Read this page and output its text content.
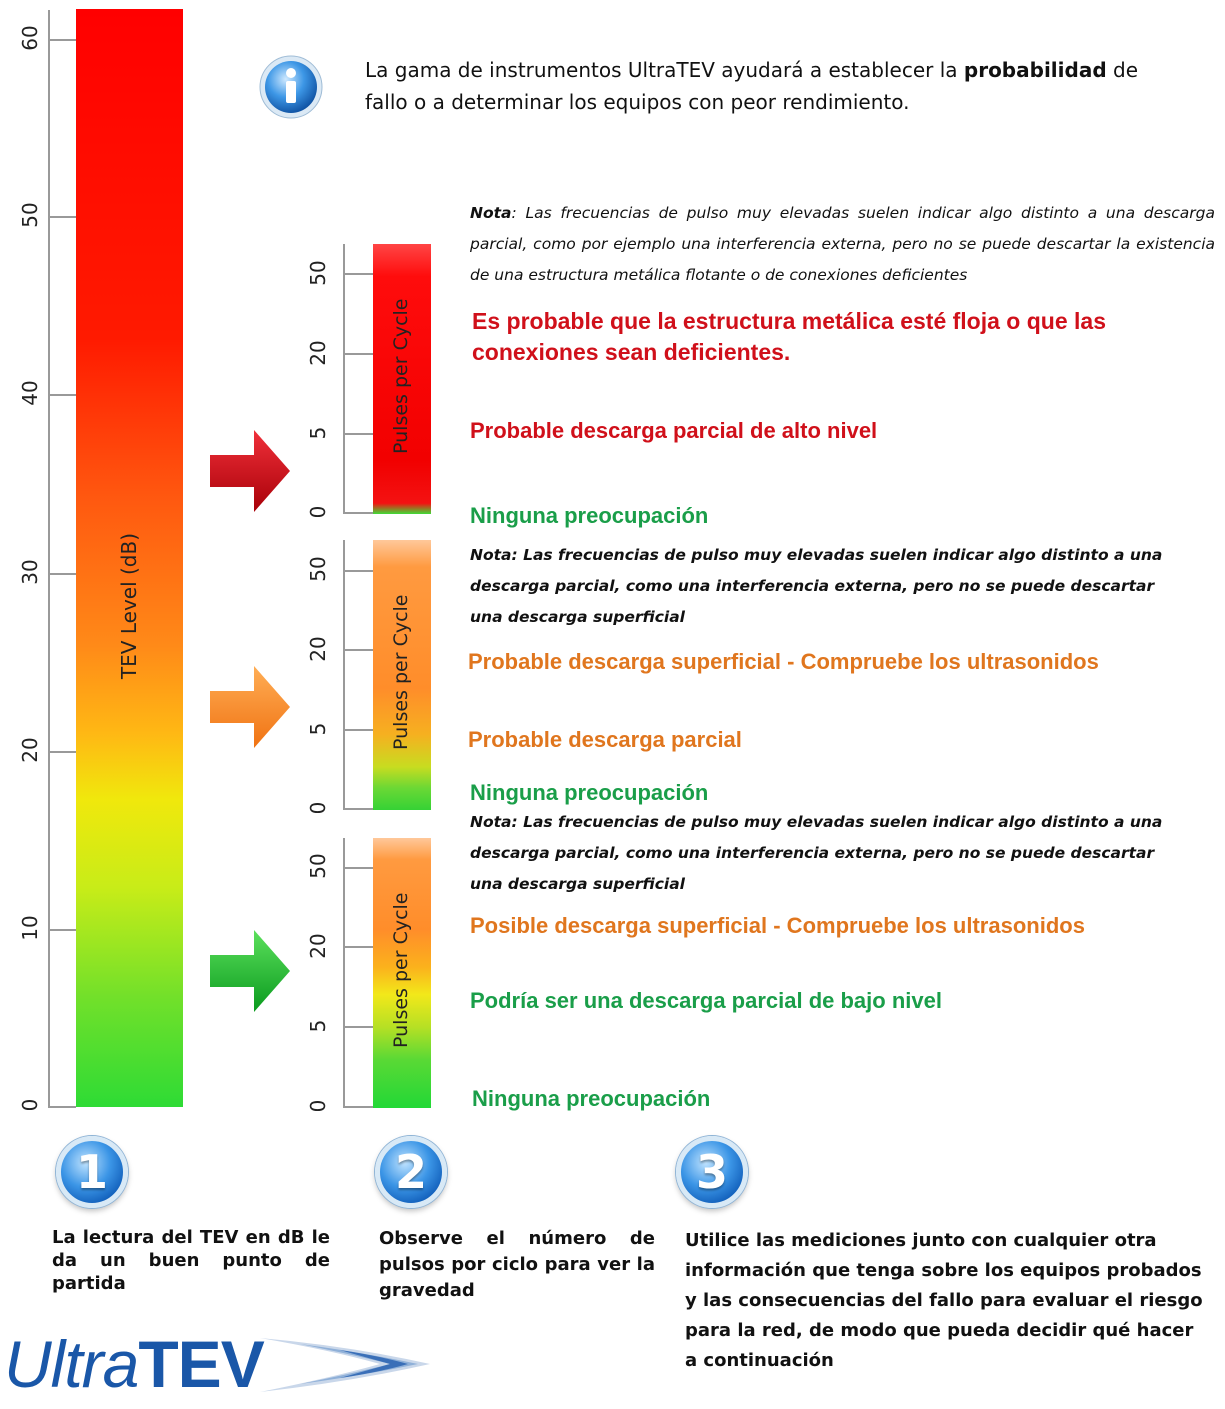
60
50
40
30
20
10
0
TEV Level (dB)
La gama de instrumentos UltraTEV ayudará a establecer la probabilidad de fallo o a determinar los equipos con peor rendimiento.
50
20
5
0
Pulses per Cycle
50
20
5
0
Pulses per Cycle
50
20
5
0
Pulses per Cycle
Nota: Las frecuencias de pulso muy elevadas suelen indicar algo distinto a una descarga parcial, como por ejemplo una interferencia externa, pero no se puede descartar la existencia de una estructura metálica flotante o de conexiones deficientes
Es probable que la estructura metálica esté floja o que las conexiones sean deficientes.
Probable descarga parcial de alto nivel
Ninguna preocupación
Nota: Las frecuencias de pulso muy elevadas suelen indicar algo distinto a una descarga parcial, como una interferencia externa, pero no se puede descartar una descarga superficial
Probable descarga superficial - Compruebe los ultrasonidos
Probable descarga parcial
Ninguna preocupación
Nota: Las frecuencias de pulso muy elevadas suelen indicar algo distinto a una descarga parcial, como una interferencia externa, pero no se puede descartar una descarga superficial
Posible descarga superficial - Compruebe los ultrasonidos
Podría ser una descarga parcial de bajo nivel
Ninguna preocupación
1	2	3
La lectura del TEV en dB le da un buen punto de partida
Observe el número de pulsos por ciclo para ver la gravedad
Utilice las mediciones junto con cualquier otra información que tenga sobre los equipos probados y las consecuencias del fallo para evaluar el riesgo para la red, de modo que pueda decidir qué hacer a continuación
UltraTEV
